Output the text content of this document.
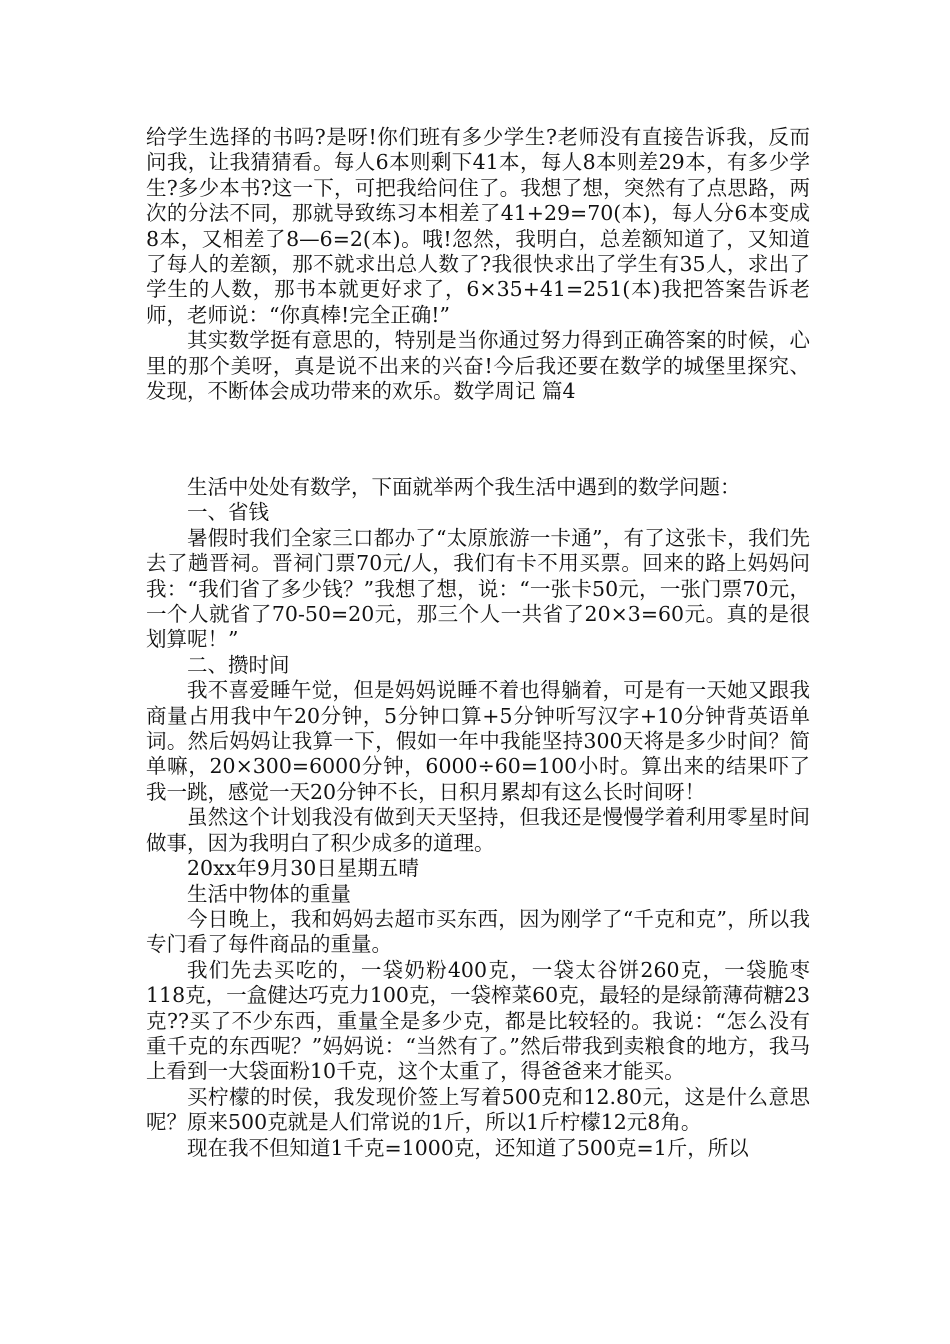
给学生选择的书吗?是呀!你们班有多少学生?老师没有直接告诉我，反而问我，让我猜猜看。每人6本则剩下41本，每人8本则差29本，有多少学生?多少本书?这一下，可把我给问住了。我想了想，突然有了点思路，两次的分法不同，那就导致练习本相差了41+29=70(本)，每人分6本变成8本，又相差了8—6=2(本)。哦!忽然，我明白，总差额知道了，又知道了每人的差额，那不就求出总人数了?我很快求出了学生有35人，求出了学生的人数，那书本就更好求了，6×35+41=251(本)我把答案告诉老师，老师说：“你真棒!完全正确!”

其实数学挺有意思的，特别是当你通过努力得到正确答案的时候，心里的那个美呀，真是说不出来的兴奋!今后我还要在数学的城堡里探究、发现，不断体会成功带来的欢乐。数学周记 篇4

生活中处处有数学，下面就举两个我生活中遇到的数学问题：

一、省钱

暑假时我们全家三口都办了“太原旅游一卡通”，有了这张卡，我们先去了趟晋祠。晋祠门票70元/人，我们有卡不用买票。回来的路上妈妈问我：“我们省了多少钱？”我想了想，说：“一张卡50元，一张门票70元，一个人就省了70-50=20元，那三个人一共省了20×3=60元。真的是很划算呢！”

二、攒时间

我不喜爱睡午觉，但是妈妈说睡不着也得躺着，可是有一天她又跟我商量占用我中午20分钟，5分钟口算+5分钟听写汉字+10分钟背英语单词。然后妈妈让我算一下，假如一年中我能坚持300天将是多少时间？简单嘛，20×300=6000分钟，6000÷60=100小时。算出来的结果吓了我一跳，感觉一天20分钟不长，日积月累却有这么长时间呀！

虽然这个计划我没有做到天天坚持，但我还是慢慢学着利用零星时间做事，因为我明白了积少成多的道理。

20xx年9月30日星期五晴

生活中物体的重量

今日晚上，我和妈妈去超市买东西，因为刚学了“千克和克”，所以我专门看了每件商品的重量。

我们先去买吃的，一袋奶粉400克，一袋太谷饼260克，一袋脆枣118克，一盒健达巧克力100克，一袋榨菜60克，最轻的是绿箭薄荷糖23克??买了不少东西，重量全是多少克，都是比较轻的。我说：“怎么没有重千克的东西呢？”妈妈说：“当然有了。”然后带我到卖粮食的地方，我马上看到一大袋面粉10千克，这个太重了，得爸爸来才能买。

买柠檬的时侯，我发现价签上写着500克和12.80元，这是什么意思呢？原来500克就是人们常说的1斤，所以1斤柠檬12元8角。

现在我不但知道1千克=1000克，还知道了500克=1斤，所以
